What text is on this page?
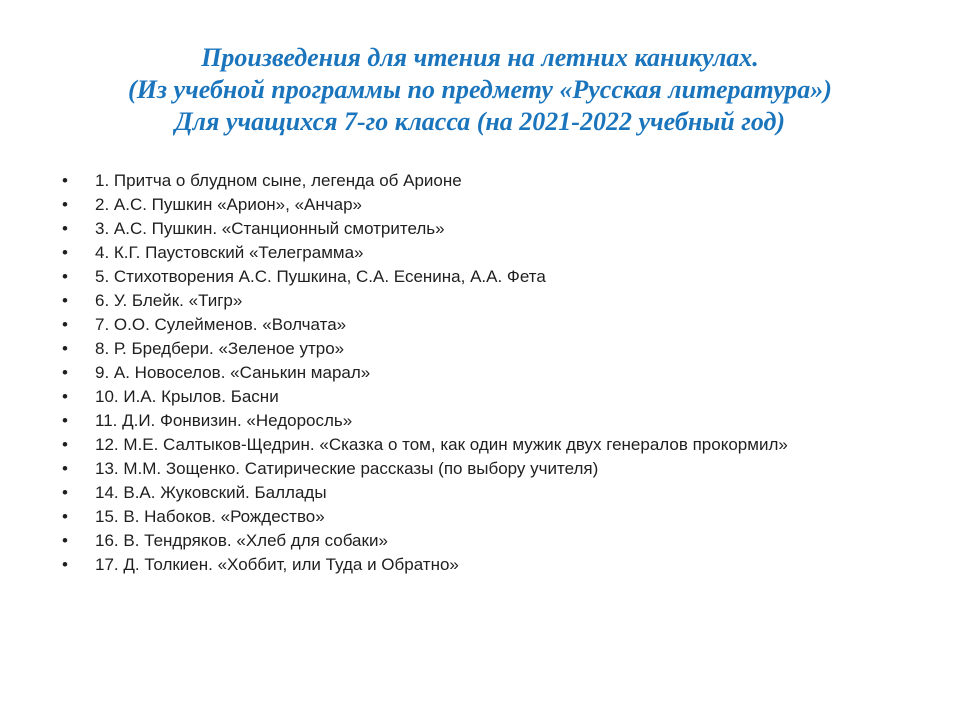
Произведения для чтения на летних каникулах.
(Из учебной программы по предмету «Русская литература»)
Для учащихся 7-го класса (на 2021-2022 учебный год)
•	1. Притча о блудном сыне, легенда об Арионе
•	2. А.С. Пушкин «Арион», «Анчар»
•	3. А.С. Пушкин. «Станционный смотритель»
•	4. К.Г. Паустовский «Телеграмма»
•	5. Стихотворения А.С. Пушкина, С.А. Есенина, А.А. Фета
•	6. У. Блейк. «Тигр»
•	7. О.О. Сулейменов. «Волчата»
•	8. Р. Бредбери. «Зеленое утро»
•	9. А. Новоселов. «Санькин марал»
•	10. И.А. Крылов. Басни
•	11. Д.И. Фонвизин. «Недоросль»
•	12. М.Е. Салтыков-Щедрин. «Сказка о том, как один мужик двух генералов прокормил»
•	13. М.М. Зощенко. Сатирические рассказы (по выбору учителя)
•	14. В.А. Жуковский. Баллады
•	15. В. Набоков. «Рождество»
•	16. В. Тендряков. «Хлеб для собаки»
•	17. Д. Толкиен. «Хоббит, или Туда и Обратно»
